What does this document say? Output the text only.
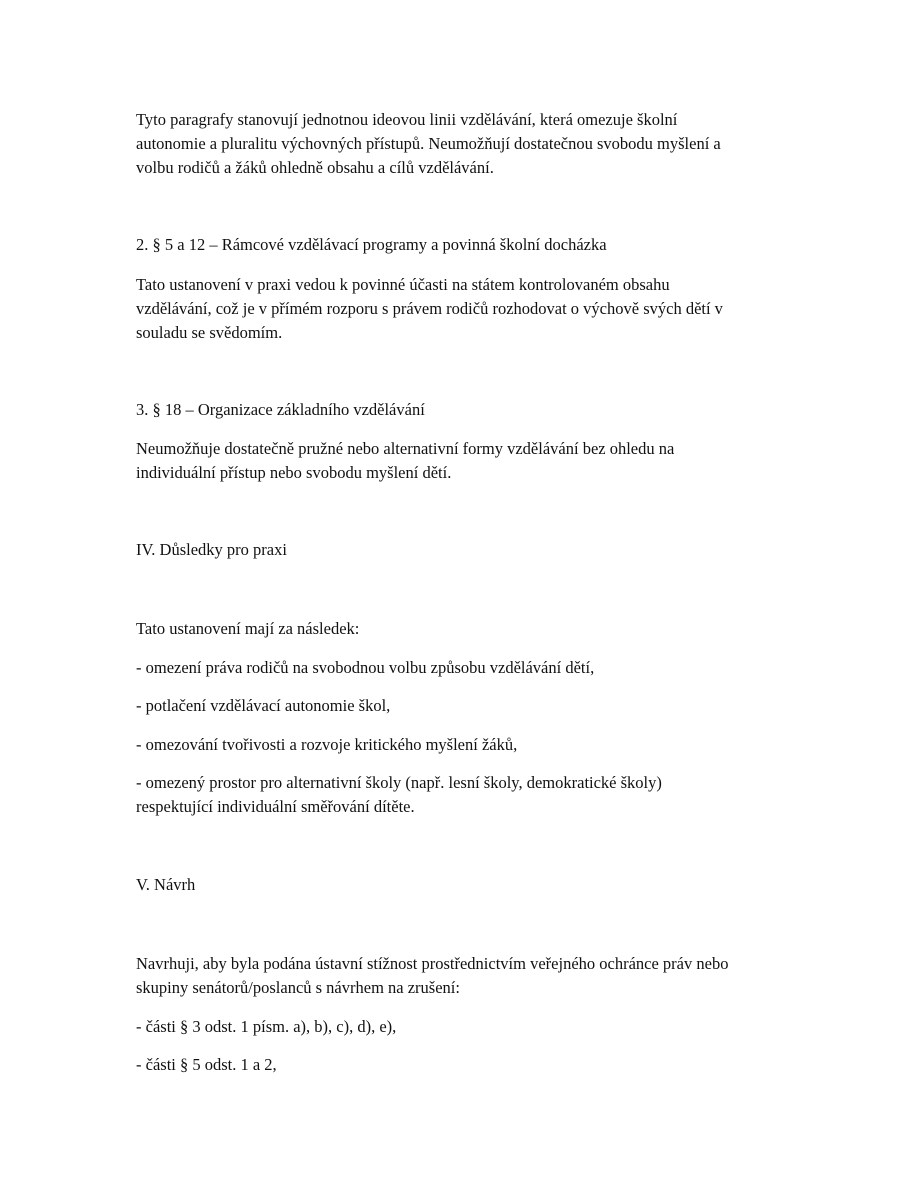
Tyto paragrafy stanovují jednotnou ideovou linii vzdělávání, která omezuje školní

autonomie a pluralitu výchovných přístupů. Neumožňují dostatečnou svobodu myšlení a

volbu rodičů a žáků ohledně obsahu a cílů vzdělávání.

2. § 5 a 12 – Rámcové vzdělávací programy a povinná školní docházka

Tato ustanovení v praxi vedou k povinné účasti na státem kontrolovaném obsahu

vzdělávání, což je v přímém rozporu s právem rodičů rozhodovat o výchově svých dětí v

souladu se svědomím.

3. § 18 – Organizace základního vzdělávání

Neumožňuje dostatečně pružné nebo alternativní formy vzdělávání bez ohledu na

individuální přístup nebo svobodu myšlení dětí.

IV. Důsledky pro praxi

Tato ustanovení mají za následek:

- omezení práva rodičů na svobodnou volbu způsobu vzdělávání dětí,

- potlačení vzdělávací autonomie škol,

- omezování tvořivosti a rozvoje kritického myšlení žáků,

- omezený prostor pro alternativní školy (např. lesní školy, demokratické školy)

respektující individuální směřování dítěte.

V. Návrh

Navrhuji, aby byla podána ústavní stížnost prostřednictvím veřejného ochránce práv nebo

skupiny senátorů/poslanců s návrhem na zrušení:

- části § 3 odst. 1 písm. a), b), c), d), e),

- části § 5 odst. 1 a 2,
